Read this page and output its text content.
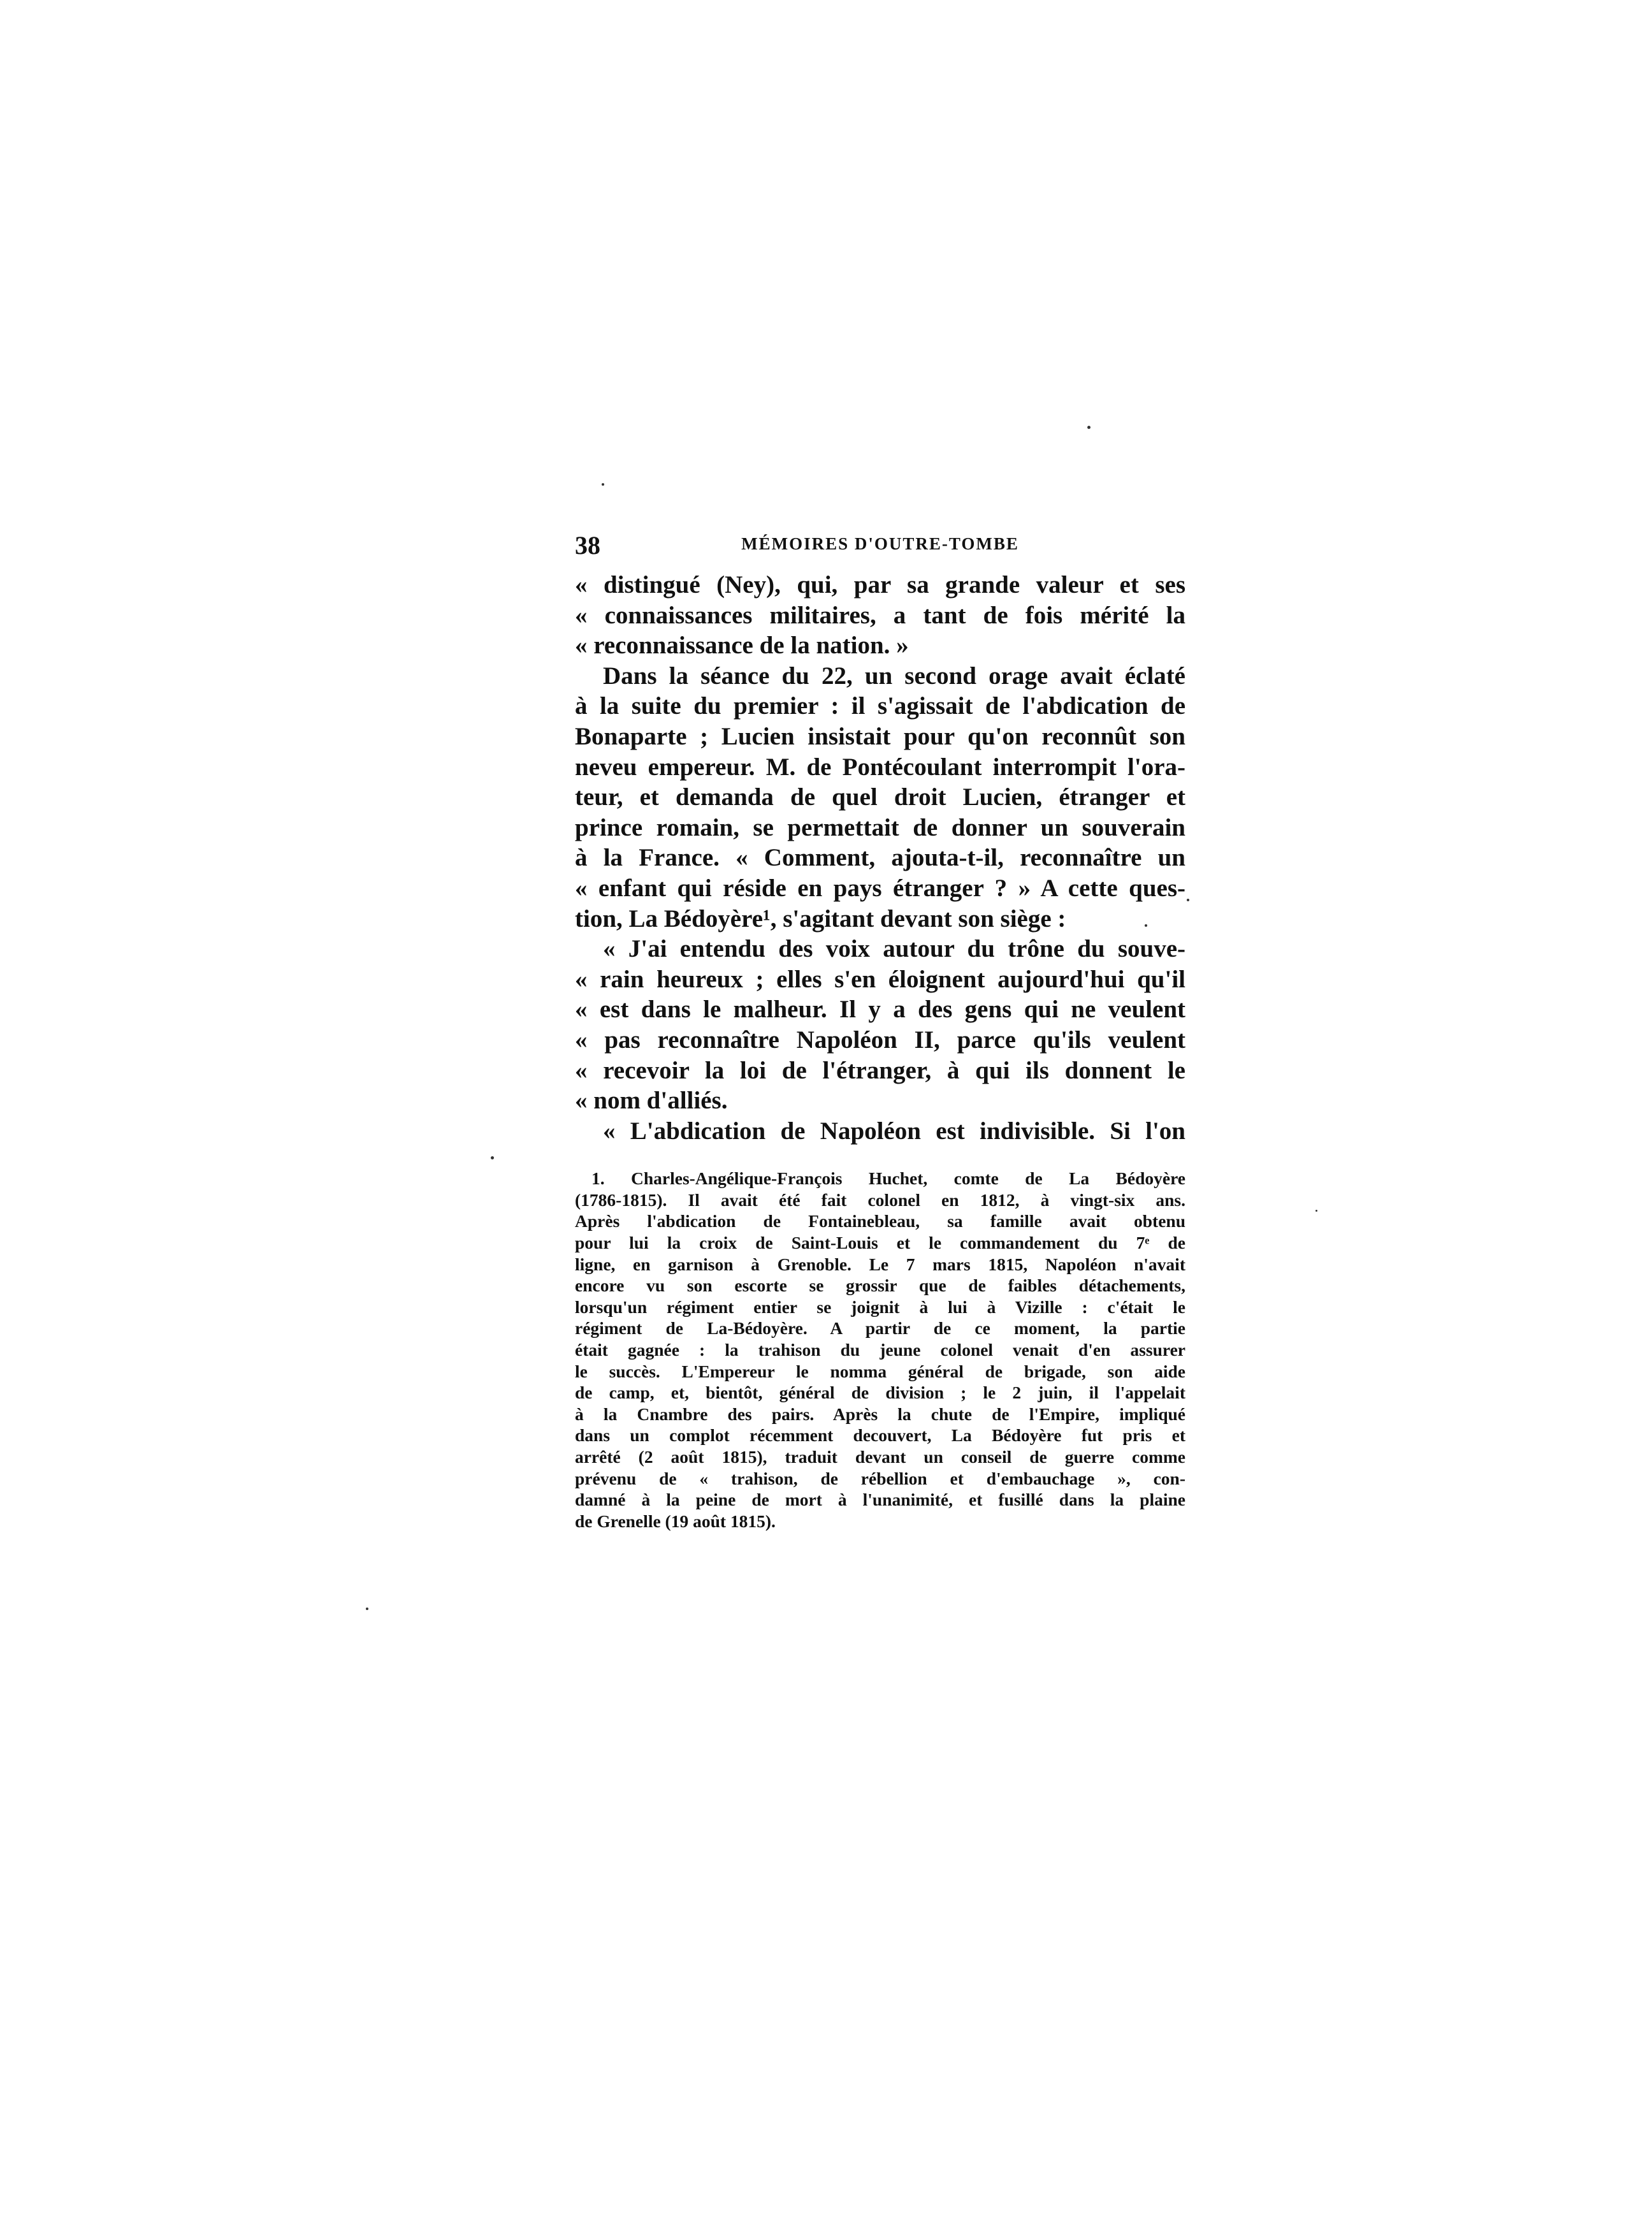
38	MÉMOIRES D'OUTRE-TOMBE
« distingué (Ney), qui, par sa grande valeur et ses
« connaissances militaires, a tant de fois mérité la
« reconnaissance de la nation. »
Dans la séance du 22, un second orage avait éclaté
à la suite du premier : il s'agissait de l'abdication de
Bonaparte ; Lucien insistait pour qu'on reconnût son
neveu empereur. M. de Pontécoulant interrompit l'ora-
teur, et demanda de quel droit Lucien, étranger et
prince romain, se permettait de donner un souverain
à la France. « Comment, ajouta-t-il, reconnaître un
« enfant qui réside en pays étranger ? » A cette ques-
tion, La Bédoyère¹, s'agitant devant son siège :
« J'ai entendu des voix autour du trône du souve-
« rain heureux ; elles s'en éloignent aujourd'hui qu'il
« est dans le malheur. Il y a des gens qui ne veulent
« pas reconnaître Napoléon II, parce qu'ils veulent
« recevoir la loi de l'étranger, à qui ils donnent le
« nom d'alliés.
« L'abdication de Napoléon est indivisible. Si l'on
1. Charles-Angélique-François Huchet, comte de La Bédoyère
(1786-1815). Il avait été fait colonel en 1812, à vingt-six ans.
Après l'abdication de Fontainebleau, sa famille avait obtenu
pour lui la croix de Saint-Louis et le commandement du 7ᵉ de
ligne, en garnison à Grenoble. Le 7 mars 1815, Napoléon n'avait
encore vu son escorte se grossir que de faibles détachements,
lorsqu'un régiment entier se joignit à lui à Vizille : c'était le
régiment de La-Bédoyère. A partir de ce moment, la partie
était gagnée : la trahison du jeune colonel venait d'en assurer
le succès. L'Empereur le nomma général de brigade, son aide
de camp, et, bientôt, général de division ; le 2 juin, il l'appelait
à la Cnambre des pairs. Après la chute de l'Empire, impliqué
dans un complot récemment decouvert, La Bédoyère fut pris et
arrêté (2 août 1815), traduit devant un conseil de guerre comme
prévenu de « trahison, de rébellion et d'embauchage », con-
damné à la peine de mort à l'unanimité, et fusillé dans la plaine
de Grenelle (19 août 1815).
